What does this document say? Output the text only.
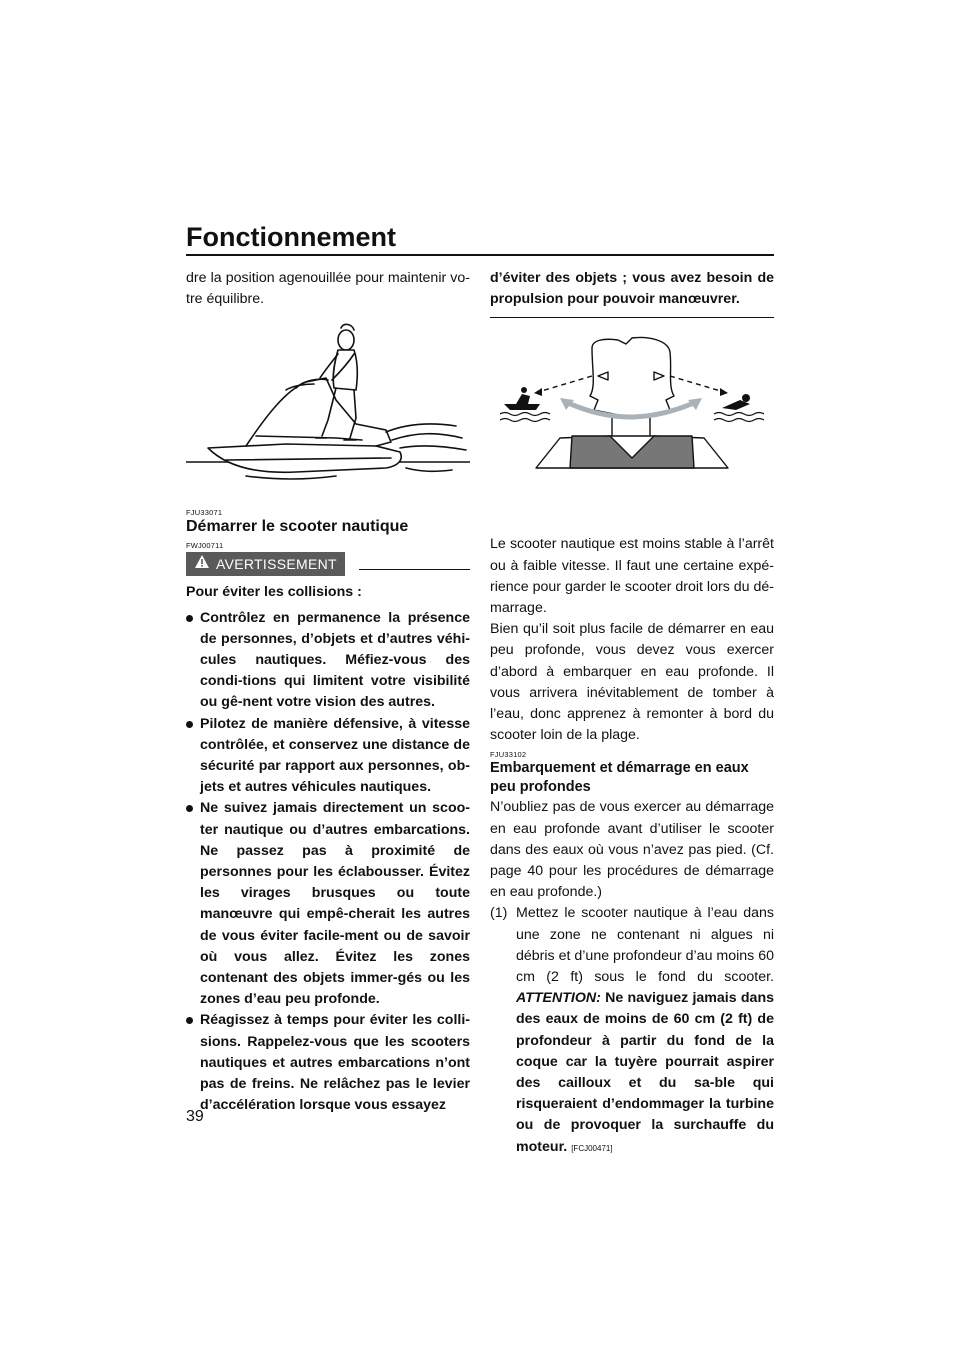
Fonctionnement

dre la position agenouillée pour maintenir vo-tre équilibre.

FJU33071
Démarrer le scooter nautique
FWJ00711
AVERTISSEMENT

Pour éviter les collisions :

Contrôlez en permanence la présence de personnes, d’objets et d’autres véhi-cules nautiques. Méfiez-vous des condi-tions qui limitent votre visibilité ou gê-nent votre vision des autres.
Pilotez de manière défensive, à vitesse contrôlée, et conservez une distance de sécurité par rapport aux personnes, ob-jets et autres véhicules nautiques.
Ne suivez jamais directement un scoo-ter nautique ou d’autres embarcations. Ne passez pas à proximité de personnes pour les éclabousser. Évitez les virages brusques ou toute manœuvre qui empê-cherait les autres de vous éviter facile-ment ou de savoir où vous allez. Évitez les zones contenant des objets immer-gés ou les zones d’eau peu profonde.
Réagissez à temps pour éviter les colli-sions. Rappelez-vous que les scooters nautiques et autres embarcations n’ont pas de freins. Ne relâchez pas le levier d’accélération lorsque vous essayez

d’éviter des objets ; vous avez besoin de propulsion pour pouvoir manœuvrer.

Le scooter nautique est moins stable à l’arrêt ou à faible vitesse. Il faut une certaine expé-rience pour garder le scooter droit lors du dé-marrage.

Bien qu’il soit plus facile de démarrer en eau peu profonde, vous devez vous exercer d’abord à embarquer en eau profonde. Il vous arrivera inévitablement de tomber à l’eau, donc apprenez à remonter à bord du scooter loin de la plage.

FJU33102
Embarquement et démarrage en eaux peu profondes

N’oubliez pas de vous exercer au démarrage en eau profonde avant d’utiliser le scooter dans des eaux où vous n’avez pas pied. (Cf. page 40 pour les procédures de démarrage en eau profonde.)

(1) Mettez le scooter nautique à l’eau dans une zone ne contenant ni algues ni débris et d’une profondeur d’au moins 60 cm (2 ft) sous le fond du scooter. ATTENTION: Ne naviguez jamais dans des eaux de moins de 60 cm (2 ft) de profondeur à partir du fond de la coque car la tuyère pourrait aspirer des cailloux et du sa-ble qui risqueraient d’endommager la turbine ou de provoquer la surchauffe du moteur. [FCJ00471]
39
